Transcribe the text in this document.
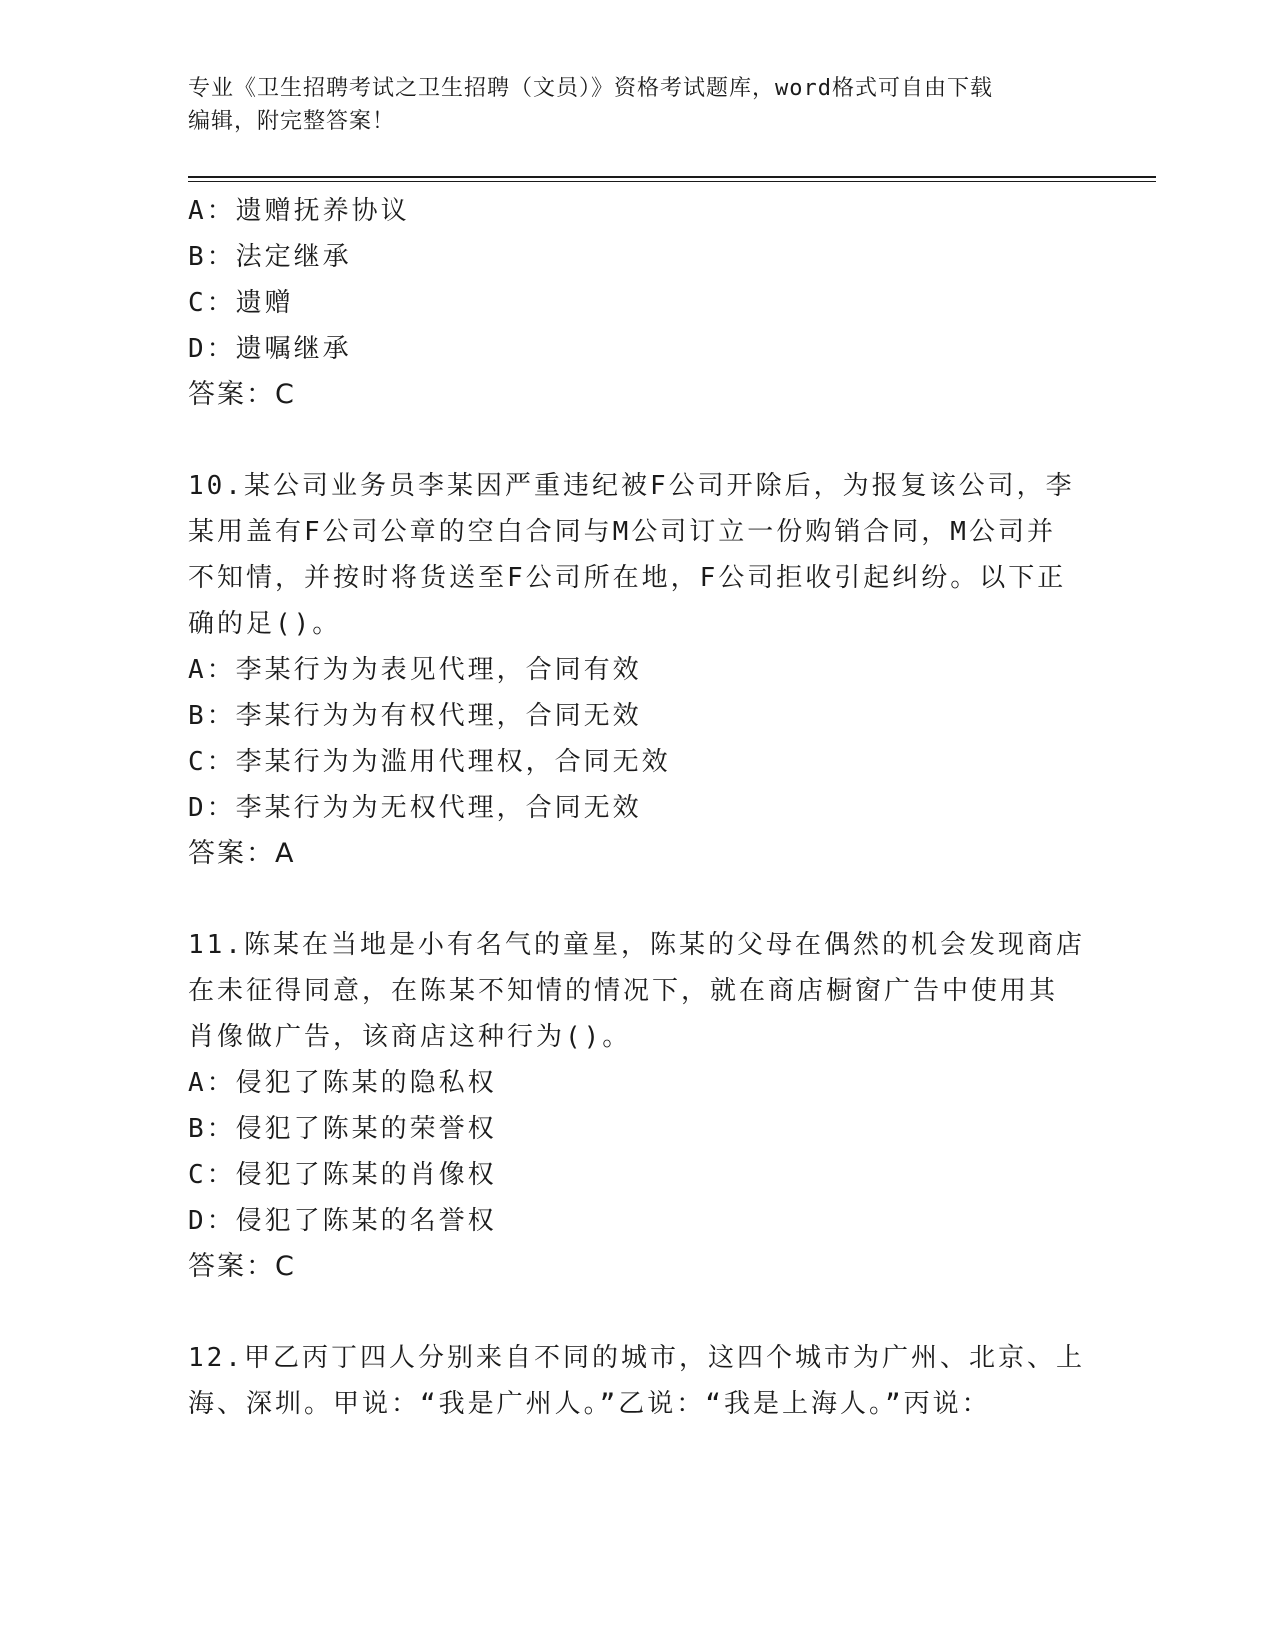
专业《卫生招聘考试之卫生招聘（文员）》资格考试题库，word格式可自由下载
编辑，附完整答案！
A：遗赠抚养协议
B：法定继承
C：遗赠
D：遗嘱继承
答案：C
10.某公司业务员李某因严重违纪被F公司开除后，为报复该公司，李
某用盖有F公司公章的空白合同与M公司订立一份购销合同，M公司并
不知情，并按时将货送至F公司所在地，F公司拒收引起纠纷。以下正
确的足()。
A：李某行为为表见代理，合同有效
B：李某行为为有权代理，合同无效
C：李某行为为滥用代理权，合同无效
D：李某行为为无权代理，合同无效
答案：A
11.陈某在当地是小有名气的童星，陈某的父母在偶然的机会发现商店
在未征得同意，在陈某不知情的情况下，就在商店橱窗广告中使用其
肖像做广告，该商店这种行为()。
A：侵犯了陈某的隐私权
B：侵犯了陈某的荣誉权
C：侵犯了陈某的肖像权
D：侵犯了陈某的名誉权
答案：C
12.甲乙丙丁四人分别来自不同的城市，这四个城市为广州、北京、上
海、深圳。甲说：“我是广州人。”乙说：“我是上海人。”丙说：
